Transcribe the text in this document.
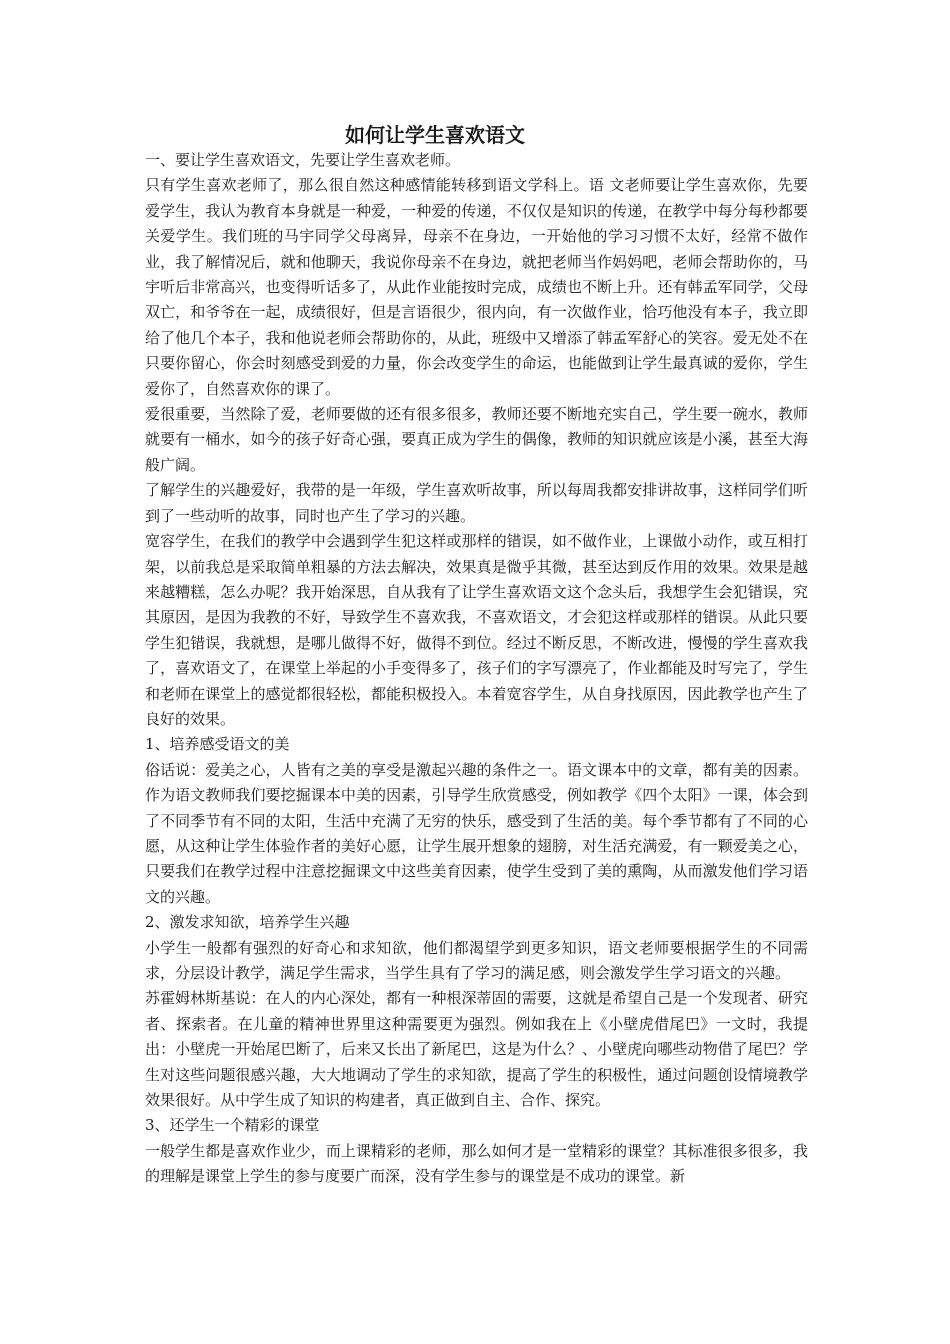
如何让学生喜欢语文

一、要让学生喜欢语文，先要让学生喜欢老师。

只有学生喜欢老师了，那么很自然这种感情能转移到语文学科上。语 文老师要让学生喜欢你，先要爱学生，我认为教育本身就是一种爱，一种爱的传递，不仅仅是知识的传递，在教学中每分每秒都要关爱学生。我们班的马宇同学父母离异，母亲不在身边，一开始他的学习习惯不太好，经常不做作业，我了解情况后，就和他聊天，我说你母亲不在身边，就把老师当作妈妈吧，老师会帮助你的，马宇听后非常高兴，也变得听话多了，从此作业能按时完成，成绩也不断上升。还有韩孟军同学，父母双亡，和爷爷在一起，成绩很好，但是言语很少，很内向，有一次做作业，恰巧他没有本子，我立即给了他几个本子，我和他说老师会帮助你的，从此，班级中又增添了韩孟军舒心的笑容。爱无处不在只要你留心，你会时刻感受到爱的力量，你会改变学生的命运，也能做到让学生最真诚的爱你，学生爱你了，自然喜欢你的课了。

爱很重要，当然除了爱，老师要做的还有很多很多，教师还要不断地充实自己，学生要一碗水，教师就要有一桶水，如今的孩子好奇心强，要真正成为学生的偶像，教师的知识就应该是小溪，甚至大海般广阔。

了解学生的兴趣爱好，我带的是一年级，学生喜欢听故事，所以每周我都安排讲故事，这样同学们听到了一些动听的故事，同时也产生了学习的兴趣。

宽容学生，在我们的教学中会遇到学生犯这样或那样的错误，如不做作业，上课做小动作，或互相打架，以前我总是采取简单粗暴的方法去解决，效果真是微乎其微，甚至达到反作用的效果。效果是越来越糟糕，怎么办呢？我开始深思，自从我有了让学生喜欢语文这个念头后，我想学生会犯错误，究其原因，是因为我教的不好，导致学生不喜欢我，不喜欢语文，才会犯这样或那样的错误。从此只要学生犯错误，我就想，是哪儿做得不好，做得不到位。经过不断反思，不断改进，慢慢的学生喜欢我了，喜欢语文了，在课堂上举起的小手变得多了，孩子们的字写漂亮了，作业都能及时写完了，学生和老师在课堂上的感觉都很轻松，都能积极投入。本着宽容学生，从自身找原因，因此教学也产生了良好的效果。

1、培养感受语文的美

俗话说：爱美之心，人皆有之美的享受是激起兴趣的条件之一。语文课本中的文章，都有美的因素。作为语文教师我们要挖掘课本中美的因素，引导学生欣赏感受，例如教学《四个太阳》一课，体会到了不同季节有不同的太阳，生活中充满了无穷的快乐，感受到了生活的美。每个季节都有了不同的心愿，从这种让学生体验作者的美好心愿，让学生展开想象的翅膀，对生活充满爱，有一颗爱美之心，只要我们在教学过程中注意挖掘课文中这些美育因素，使学生受到了美的熏陶，从而激发他们学习语文的兴趣。

2、激发求知欲，培养学生兴趣

小学生一般都有强烈的好奇心和求知欲，他们都渴望学到更多知识，语文老师要根据学生的不同需求，分层设计教学，满足学生需求，当学生具有了学习的满足感，则会激发学生学习语文的兴趣。

苏霍姆林斯基说：在人的内心深处，都有一种根深蒂固的需要，这就是希望自己是一个发现者、研究者、探索者。在儿童的精神世界里这种需要更为强烈。例如我在上《小壁虎借尾巴》一文时，我提出：小壁虎一开始尾巴断了，后来又长出了新尾巴，这是为什么？、小壁虎向哪些动物借了尾巴？学生对这些问题很感兴趣，大大地调动了学生的求知欲，提高了学生的积极性，通过问题创设情境教学效果很好。从中学生成了知识的构建者，真正做到自主、合作、探究。

3、还学生一个精彩的课堂

一般学生都是喜欢作业少，而上课精彩的老师，那么如何才是一堂精彩的课堂？其标准很多很多，我的理解是课堂上学生的参与度要广而深，没有学生参与的课堂是不成功的课堂。新
